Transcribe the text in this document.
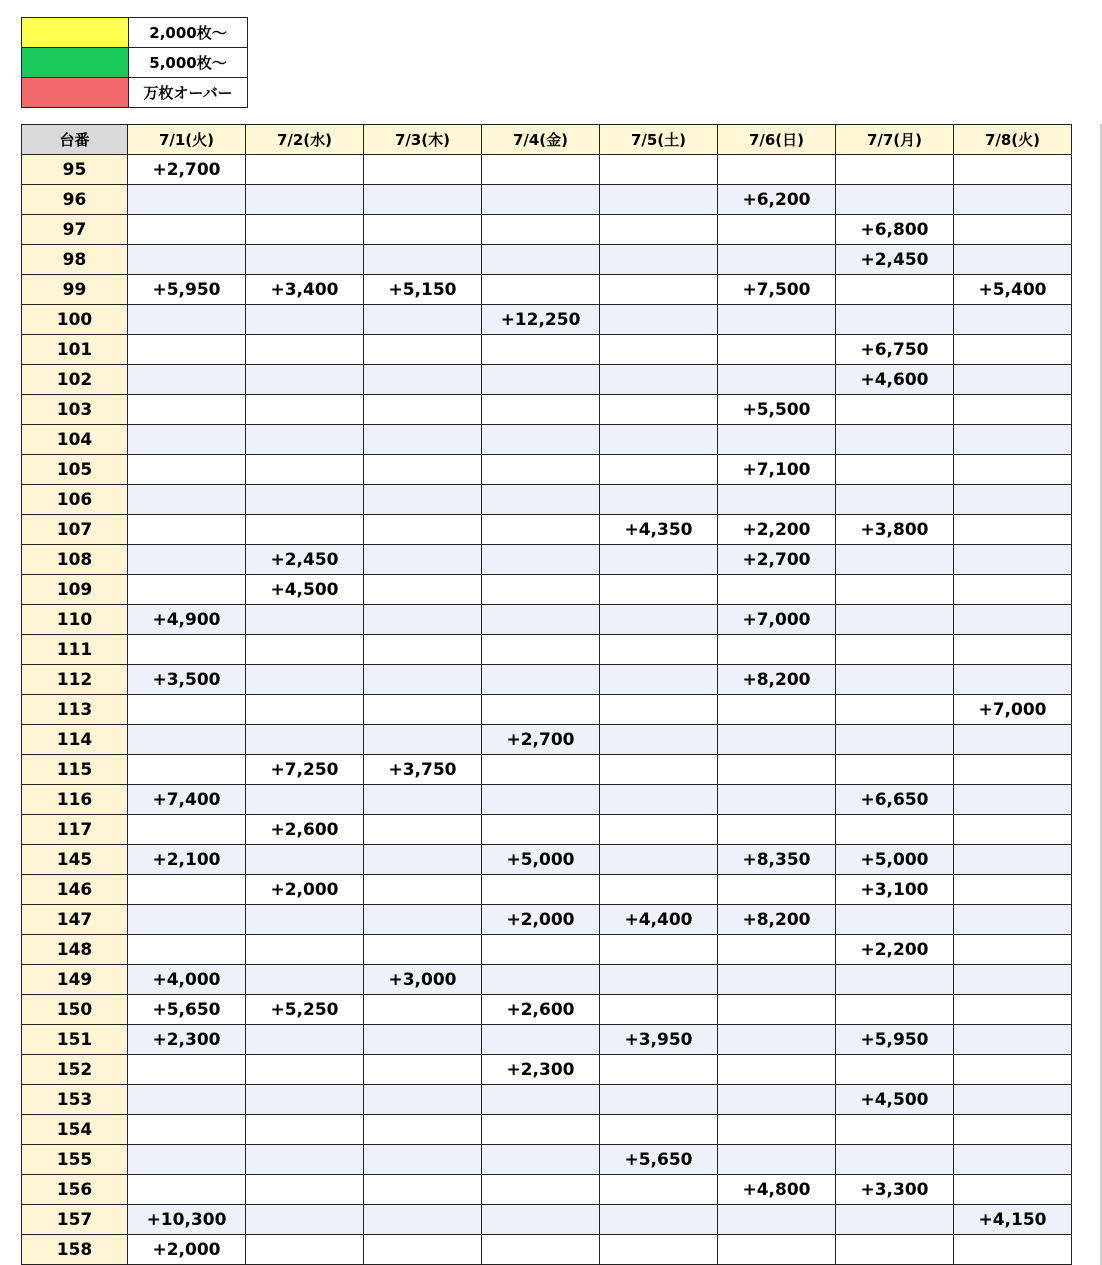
	2,000枚～
	5,000枚～
	万枚オーバー
台番	7/1(火)	7/2(水)	7/3(木)	7/4(金)	7/5(土)	7/6(日)	7/7(月)	7/8(火)
95	+2,700							
96						+6,200		
97							+6,800	
98							+2,450	
99	+5,950	+3,400	+5,150			+7,500		+5,400
100				+12,250				
101							+6,750	
102							+4,600	
103						+5,500		
104								
105						+7,100		
106								
107					+4,350	+2,200	+3,800	
108		+2,450				+2,700		
109		+4,500						
110	+4,900					+7,000		
111								
112	+3,500					+8,200		
113								+7,000
114				+2,700				
115		+7,250	+3,750					
116	+7,400						+6,650	
117		+2,600						
145	+2,100			+5,000		+8,350	+5,000	
146		+2,000					+3,100	
147				+2,000	+4,400	+8,200		
148							+2,200	
149	+4,000		+3,000					
150	+5,650	+5,250		+2,600				
151	+2,300				+3,950		+5,950	
152				+2,300				
153							+4,500	
154								
155					+5,650			
156						+4,800	+3,300	
157	+10,300							+4,150
158	+2,000							
